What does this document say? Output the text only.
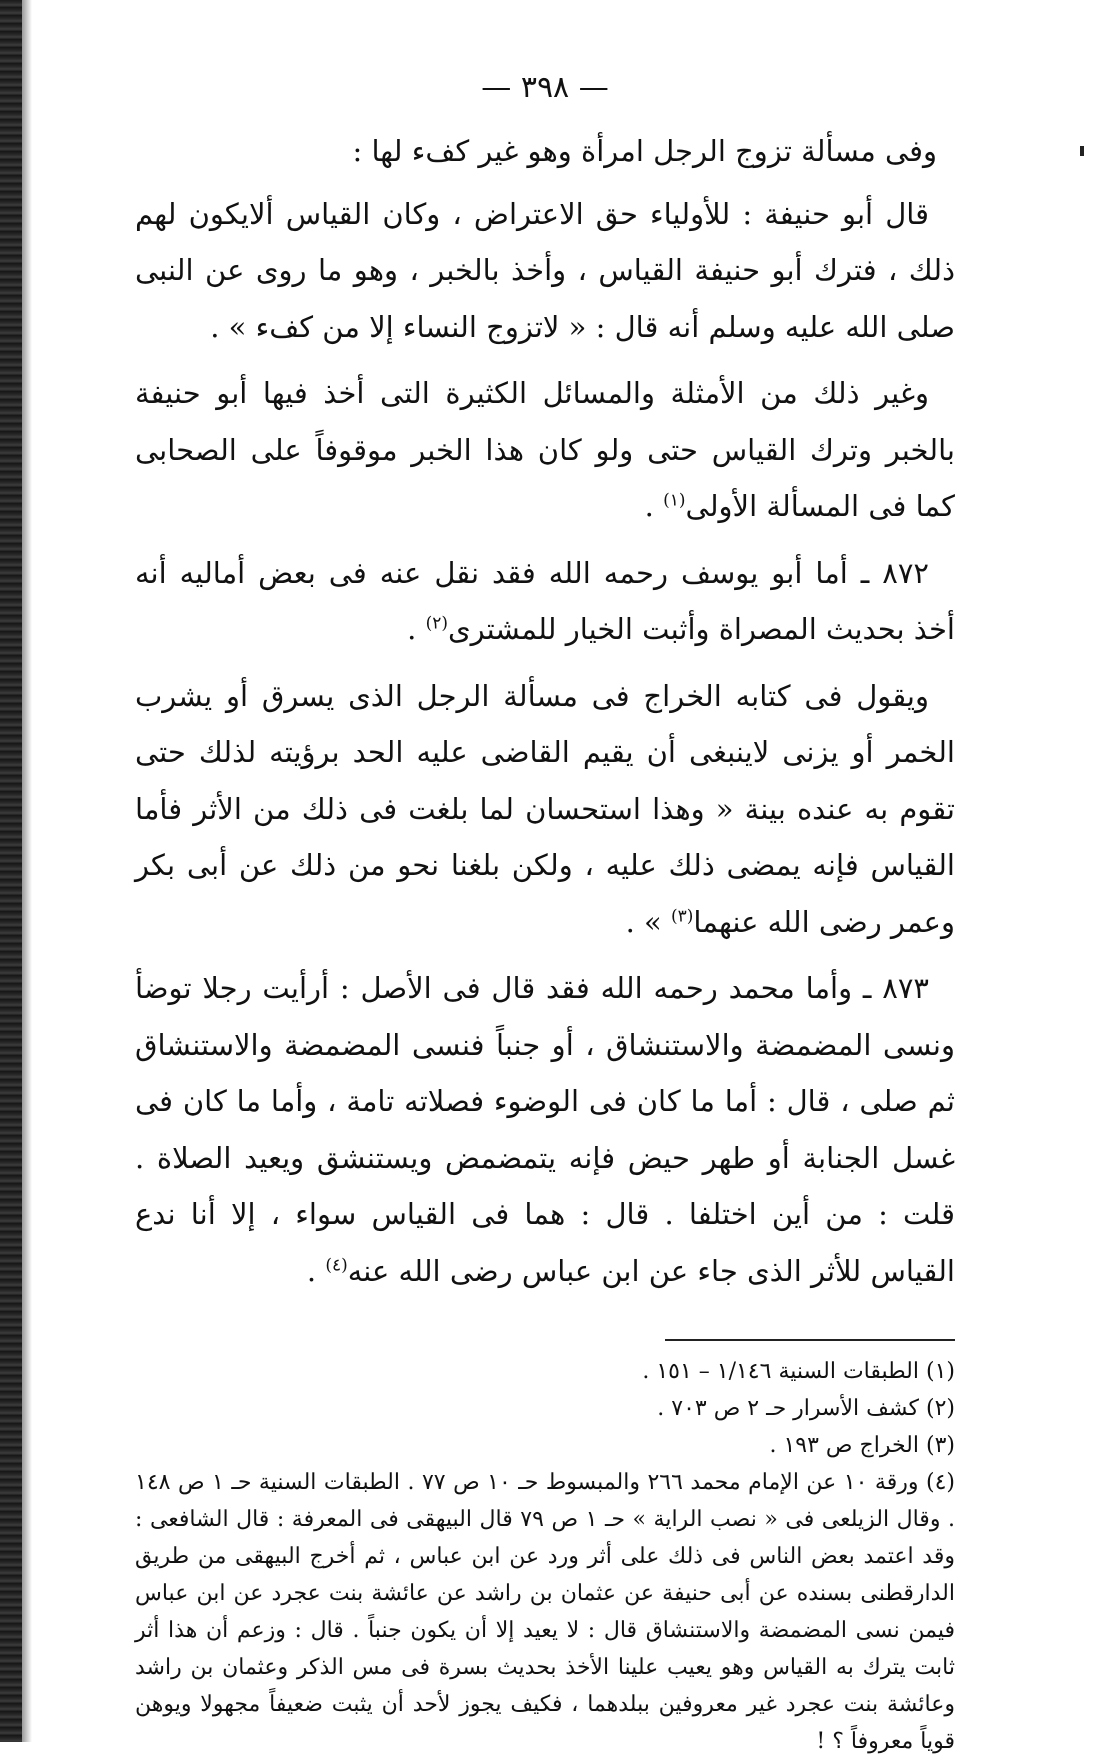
— ٣٩٨ —

وفى مسألة تزوج الرجل امرأة وهو غير كفء لها :

قال أبو حنيفة : للأولياء حق الاعتراض ، وكان القياس ألايكون لهم ذلك ، فترك أبو حنيفة القياس ، وأخذ بالخبر ، وهو ما روى عن النبى صلى الله عليه وسلم أنه قال : « لاتزوج النساء إلا من كفء » .

وغير ذلك من الأمثلة والمسائل الكثيرة التى أخذ فيها أبو حنيفة بالخبر وترك القياس حتى ولو كان هذا الخبر موقوفاً على الصحابى كما فى المسألة الأولى$^{(١)}$ .

٨٧٢ ـ أما أبو يوسف رحمه الله فقد نقل عنه فى بعض أماليه أنه أخذ بحديث المصراة وأثبت الخيار للمشترى$^{(٢)}$ .

ويقول فى كتابه الخراج فى مسألة الرجل الذى يسرق أو يشرب الخمر أو يزنى لاينبغى أن يقيم القاضى عليه الحد برؤيته لذلك حتى تقوم به عنده بينة « وهذا استحسان لما بلغت فى ذلك من الأثر فأما القياس فإنه يمضى ذلك عليه ، ولكن بلغنا نحو من ذلك عن أبى بكر وعمر رضى الله عنهما$^{(٣)}$ » .

٨٧٣ ـ وأما محمد رحمه الله فقد قال فى الأصل : أرأيت رجلا توضأ ونسى المضمضة والاستنشاق ، أو جنباً فنسى المضمضة والاستنشاق ثم صلى ، قال : أما ما كان فى الوضوء فصلاته تامة ، وأما ما كان فى غسل الجنابة أو طهر حيض فإنه يتمضمض ويستنشق ويعيد الصلاة . قلت : من أين اختلفا . قال : هما فى القياس سواء ، إلا أنا ندع القياس للأثر الذى جاء عن ابن عباس رضى الله عنه$^{(٤)}$ .

(١) الطبقات السنية ١/١٤٦ – ١٥١ .

(٢) كشف الأسرار حـ ٢ ص ٧٠٣ .

(٣) الخراج ص ١٩٣ .

(٤) ورقة ١٠ عن الإمام محمد ٢٦٦ والمبسوط حـ ١٠ ص ٧٧ . الطبقات السنية حـ ١ ص ١٤٨ . وقال الزيلعى فى « نصب الراية » حـ ١ ص ٧٩ قال البيهقى فى المعرفة : قال الشافعى : وقد اعتمد بعض الناس فى ذلك على أثر ورد عن ابن عباس ، ثم أخرج البيهقى من طريق الدارقطنى بسنده عن أبى حنيفة عن عثمان بن راشد عن عائشة بنت عجرد عن ابن عباس فيمن نسى المضمضة والاستنشاق قال : لا يعيد إلا أن يكون جنباً . قال : وزعم أن هذا أثر ثابت يترك به القياس وهو يعيب علينا الأخذ بحديث بسرة فى مس الذكر وعثمان بن راشد وعائشة بنت عجرد غير معروفين ببلدهما ، فكيف يجوز لأحد أن يثبت ضعيفاً مجهولا ويوهن قوياً معروفاً ؟ !
